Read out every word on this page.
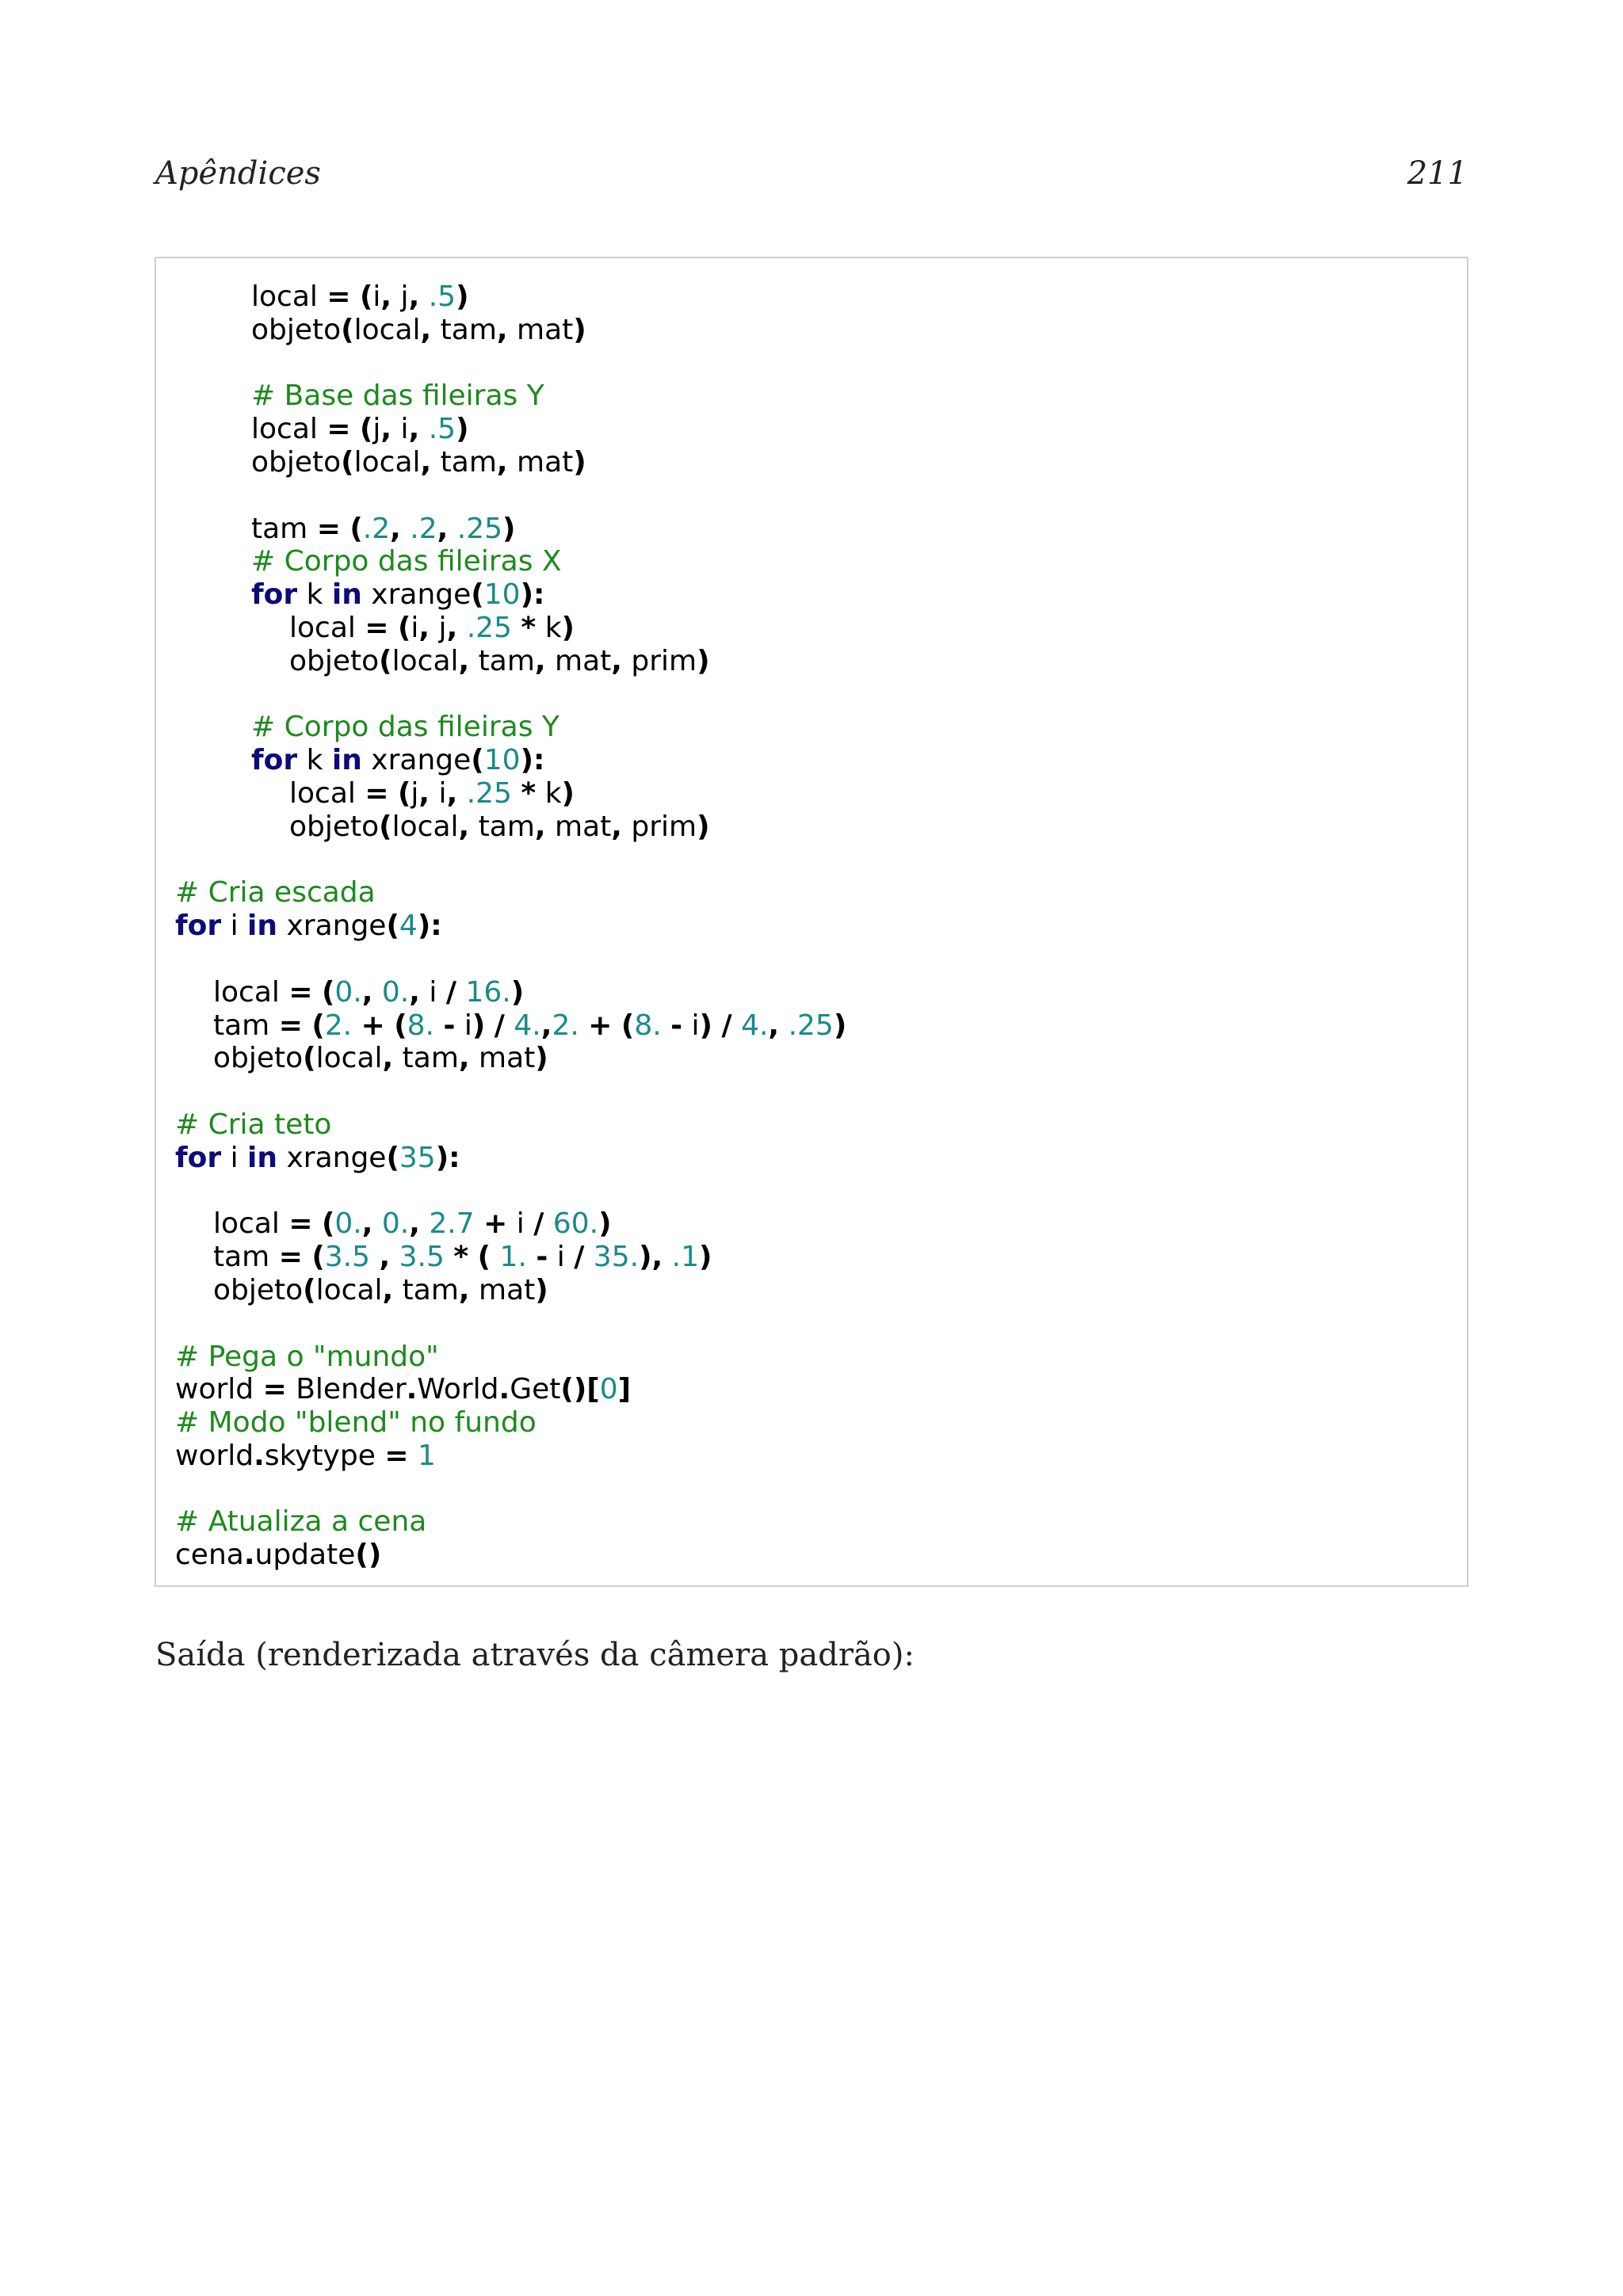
Apêndices	211
local = (i, j, .5)
objeto(local, tam, mat)

# Base das fileiras Y
local = (j, i, .5)
objeto(local, tam, mat)

tam = (.2, .2, .25)
# Corpo das fileiras X
for k in xrange(10):
local = (i, j, .25 * k)
objeto(local, tam, mat, prim)

# Corpo das fileiras Y
for k in xrange(10):
local = (j, i, .25 * k)
objeto(local, tam, mat, prim)

# Cria escada
for i in xrange(4):

local = (0., 0., i / 16.)
tam = (2. + (8. - i) / 4.,2. + (8. - i) / 4., .25)
objeto(local, tam, mat)

# Cria teto
for i in xrange(35):

local = (0., 0., 2.7 + i / 60.)
tam = (3.5 , 3.5 * ( 1. - i / 35.), .1)
objeto(local, tam, mat)

# Pega o "mundo"
world = Blender.World.Get()[0]
# Modo "blend" no fundo
world.skytype = 1

# Atualiza a cena
cena.update()
Saída (renderizada através da câmera padrão):
